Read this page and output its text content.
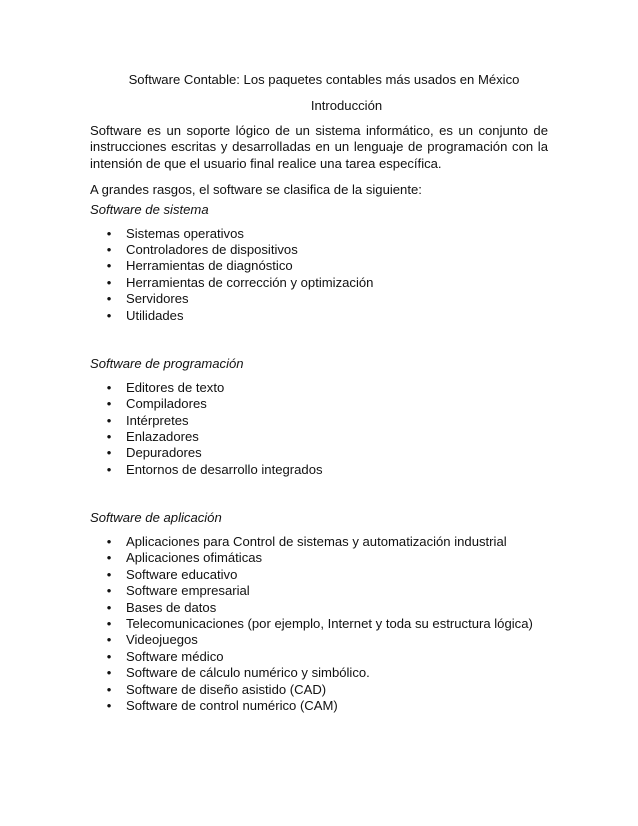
Software Contable: Los paquetes contables más usados en México
Introducción

Software es un soporte lógico de un sistema informático, es un conjunto de instrucciones escritas y desarrolladas en un lenguaje de programación con la intensión de que el usuario final realice una tarea específica.

A grandes rasgos, el software se clasifica de la siguiente:

Software de sistema
•	Sistemas operativos
•	Controladores de dispositivos
•	Herramientas de diagnóstico
•	Herramientas de corrección y optimización
•	Servidores
•	Utilidades
Software de programación
•	Editores de texto
•	Compiladores
•	Intérpretes
•	Enlazadores
•	Depuradores
•	Entornos de desarrollo integrados
Software de aplicación
•	Aplicaciones para Control de sistemas y automatización industrial
•	Aplicaciones ofimáticas
•	Software educativo
•	Software empresarial
•	Bases de datos
•	Telecomunicaciones (por ejemplo, Internet y toda su estructura lógica)
•	Videojuegos
•	Software médico
•	Software de cálculo numérico y simbólico.
•	Software de diseño asistido (CAD)
•	Software de control numérico (CAM)
